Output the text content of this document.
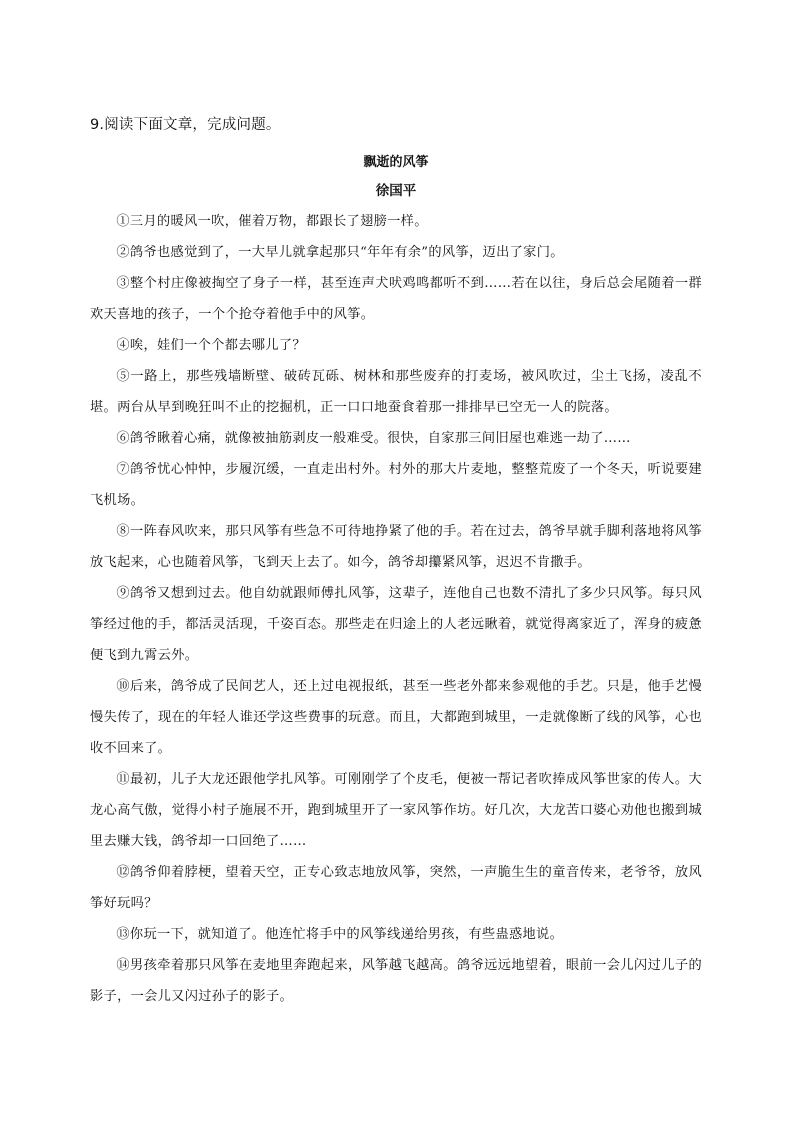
9.阅读下面文章，完成问题。

飘逝的风筝

徐国平

①三月的暖风一吹，催着万物，都跟长了翅膀一样。

②鸽爷也感觉到了，一大早儿就拿起那只“年年有余”的风筝，迈出了家门。

③整个村庄像被掏空了身子一样，甚至连声犬吠鸡鸣都听不到……若在以往，身后总会尾随着一群欢天喜地的孩子，一个个抢夺着他手中的风筝。

④唉，娃们一个个都去哪儿了？

⑤一路上，那些残墙断壁、破砖瓦砾、树林和那些废弃的打麦场，被风吹过，尘土飞扬，凌乱不堪。两台从早到晚狂叫不止的挖掘机，正一口口地蚕食着那一排排早已空无一人的院落。

⑥鸽爷瞅着心痛，就像被抽筋剥皮一般难受。很快，自家那三间旧屋也难逃一劫了……

⑦鸽爷忧心忡忡，步履沉缓，一直走出村外。村外的那大片麦地，整整荒废了一个冬天，听说要建飞机场。

⑧一阵春风吹来，那只风筝有些急不可待地挣紧了他的手。若在过去，鸽爷早就手脚利落地将风筝放飞起来，心也随着风筝，飞到天上去了。如今，鸽爷却攥紧风筝，迟迟不肯撒手。

⑨鸽爷又想到过去。他自幼就跟师傅扎风筝，这辈子，连他自己也数不清扎了多少只风筝。每只风筝经过他的手，都活灵活现，千姿百态。那些走在归途上的人老远瞅着，就觉得离家近了，浑身的疲惫便飞到九霄云外。

⑩后来，鸽爷成了民间艺人，还上过电视报纸，甚至一些老外都来参观他的手艺。只是，他手艺慢慢失传了，现在的年轻人谁还学这些费事的玩意。而且，大都跑到城里，一走就像断了线的风筝，心也收不回来了。

⑪最初，儿子大龙还跟他学扎风筝。可刚刚学了个皮毛，便被一帮记者吹捧成风筝世家的传人。大龙心高气傲，觉得小村子施展不开，跑到城里开了一家风筝作坊。好几次，大龙苦口婆心劝他也搬到城里去赚大钱，鸽爷却一口回绝了……

⑫鸽爷仰着脖梗，望着天空，正专心致志地放风筝，突然，一声脆生生的童音传来，老爷爷，放风筝好玩吗？

⑬你玩一下，就知道了。他连忙将手中的风筝线递给男孩，有些蛊惑地说。

⑭男孩牵着那只风筝在麦地里奔跑起来，风筝越飞越高。鸽爷远远地望着，眼前一会儿闪过儿子的影子，一会儿又闪过孙子的影子。
